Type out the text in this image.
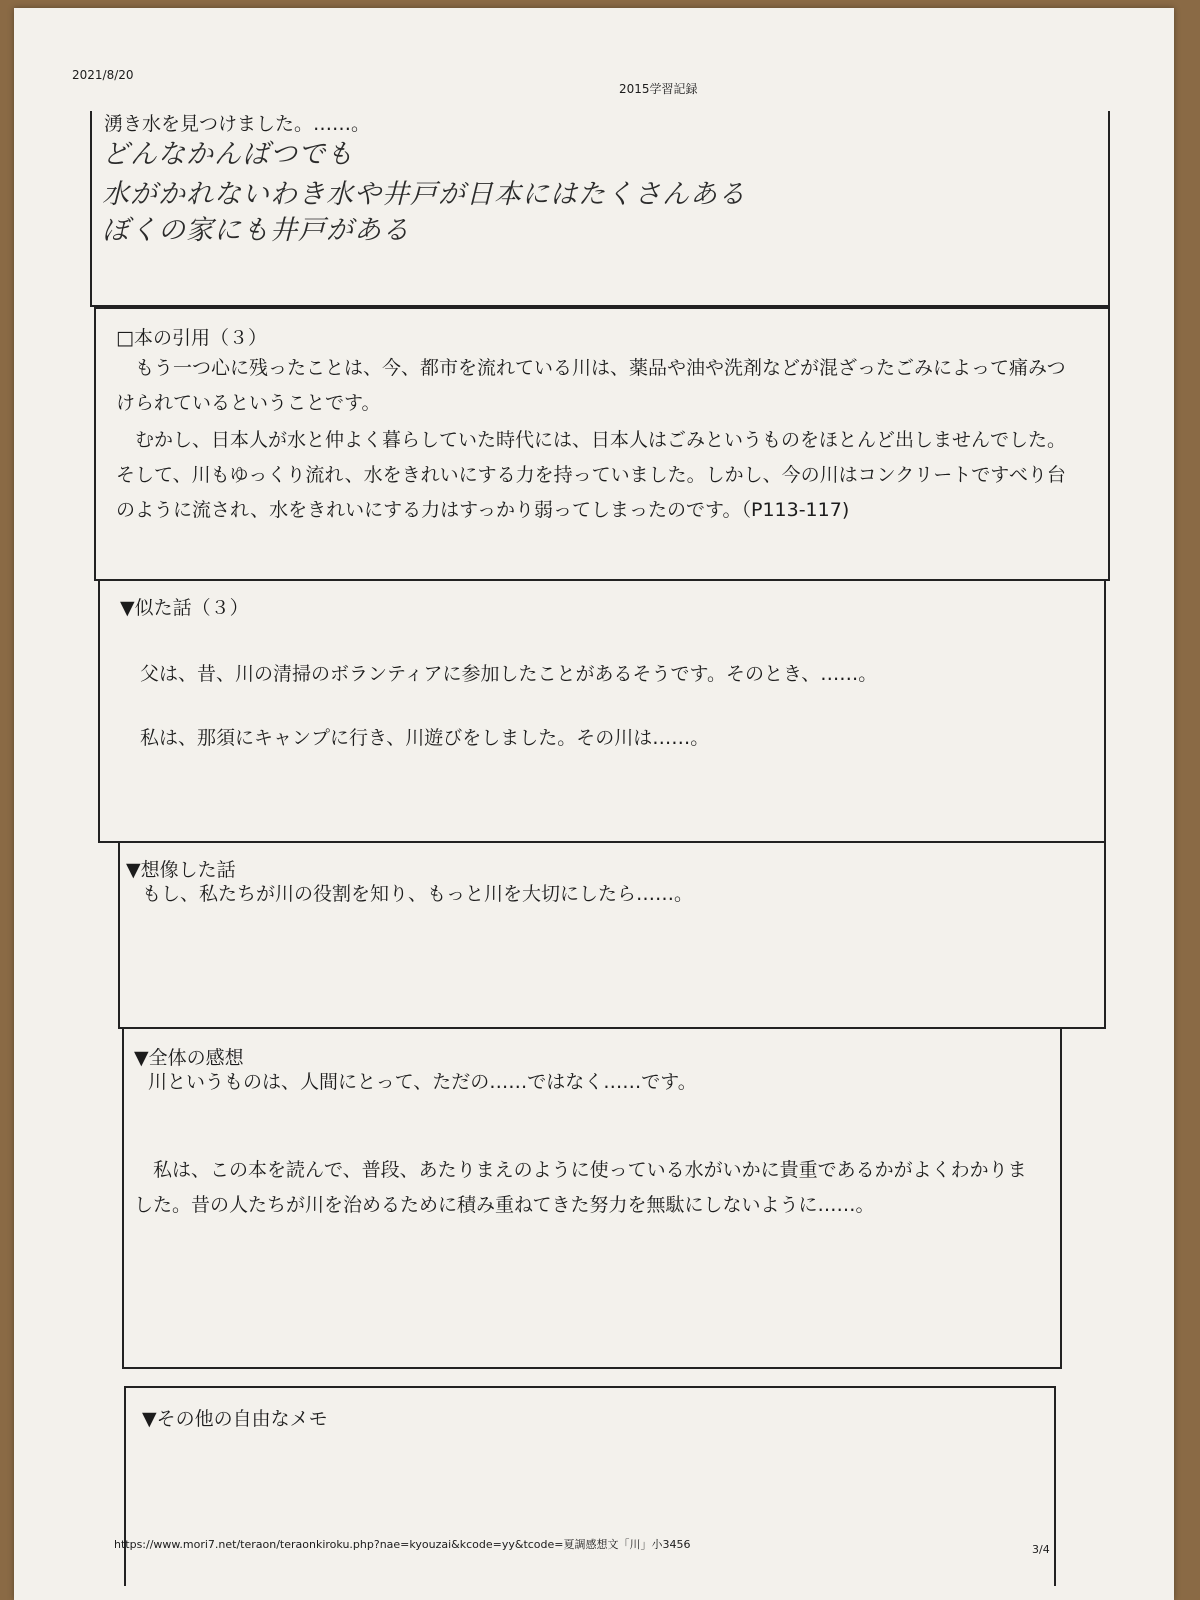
2021/8/20
2015学習記録
湧き水を見つけました。……。
どんなかんばつでも
水がかれないわき水や井戸が日本にはたくさんある
ぼくの家にも井戸がある
□本の引用（３）
　もう一つ心に残ったことは、今、都市を流れている川は、薬品や油や洗剤などが混ざったごみによって痛みつけられているということです。
　むかし、日本人が水と仲よく暮らしていた時代には、日本人はごみというものをほとんど出しませんでした。そして、川もゆっくり流れ、水をきれいにする力を持っていました。しかし、今の川はコンクリートですべり台のように流され、水をきれいにする力はすっかり弱ってしまったのです。（P113-117)
▼似た話（３）
父は、昔、川の清掃のボランティアに参加したことがあるそうです。そのとき、……。
私は、那須にキャンプに行き、川遊びをしました。その川は……。
▼想像した話
もし、私たちが川の役割を知り、もっと川を大切にしたら……。
▼全体の感想
川というものは、人間にとって、ただの……ではなく……です。
　私は、この本を読んで、普段、あたりまえのように使っている水がいかに貴重であるかがよくわかりました。昔の人たちが川を治めるために積み重ねてきた努力を無駄にしないように……。
▼その他の自由なメモ
https://www.mori7.net/teraon/teraonkiroku.php?nae=kyouzai&kcode=yy&tcode=夏調感想文「川」小3456	3/4
